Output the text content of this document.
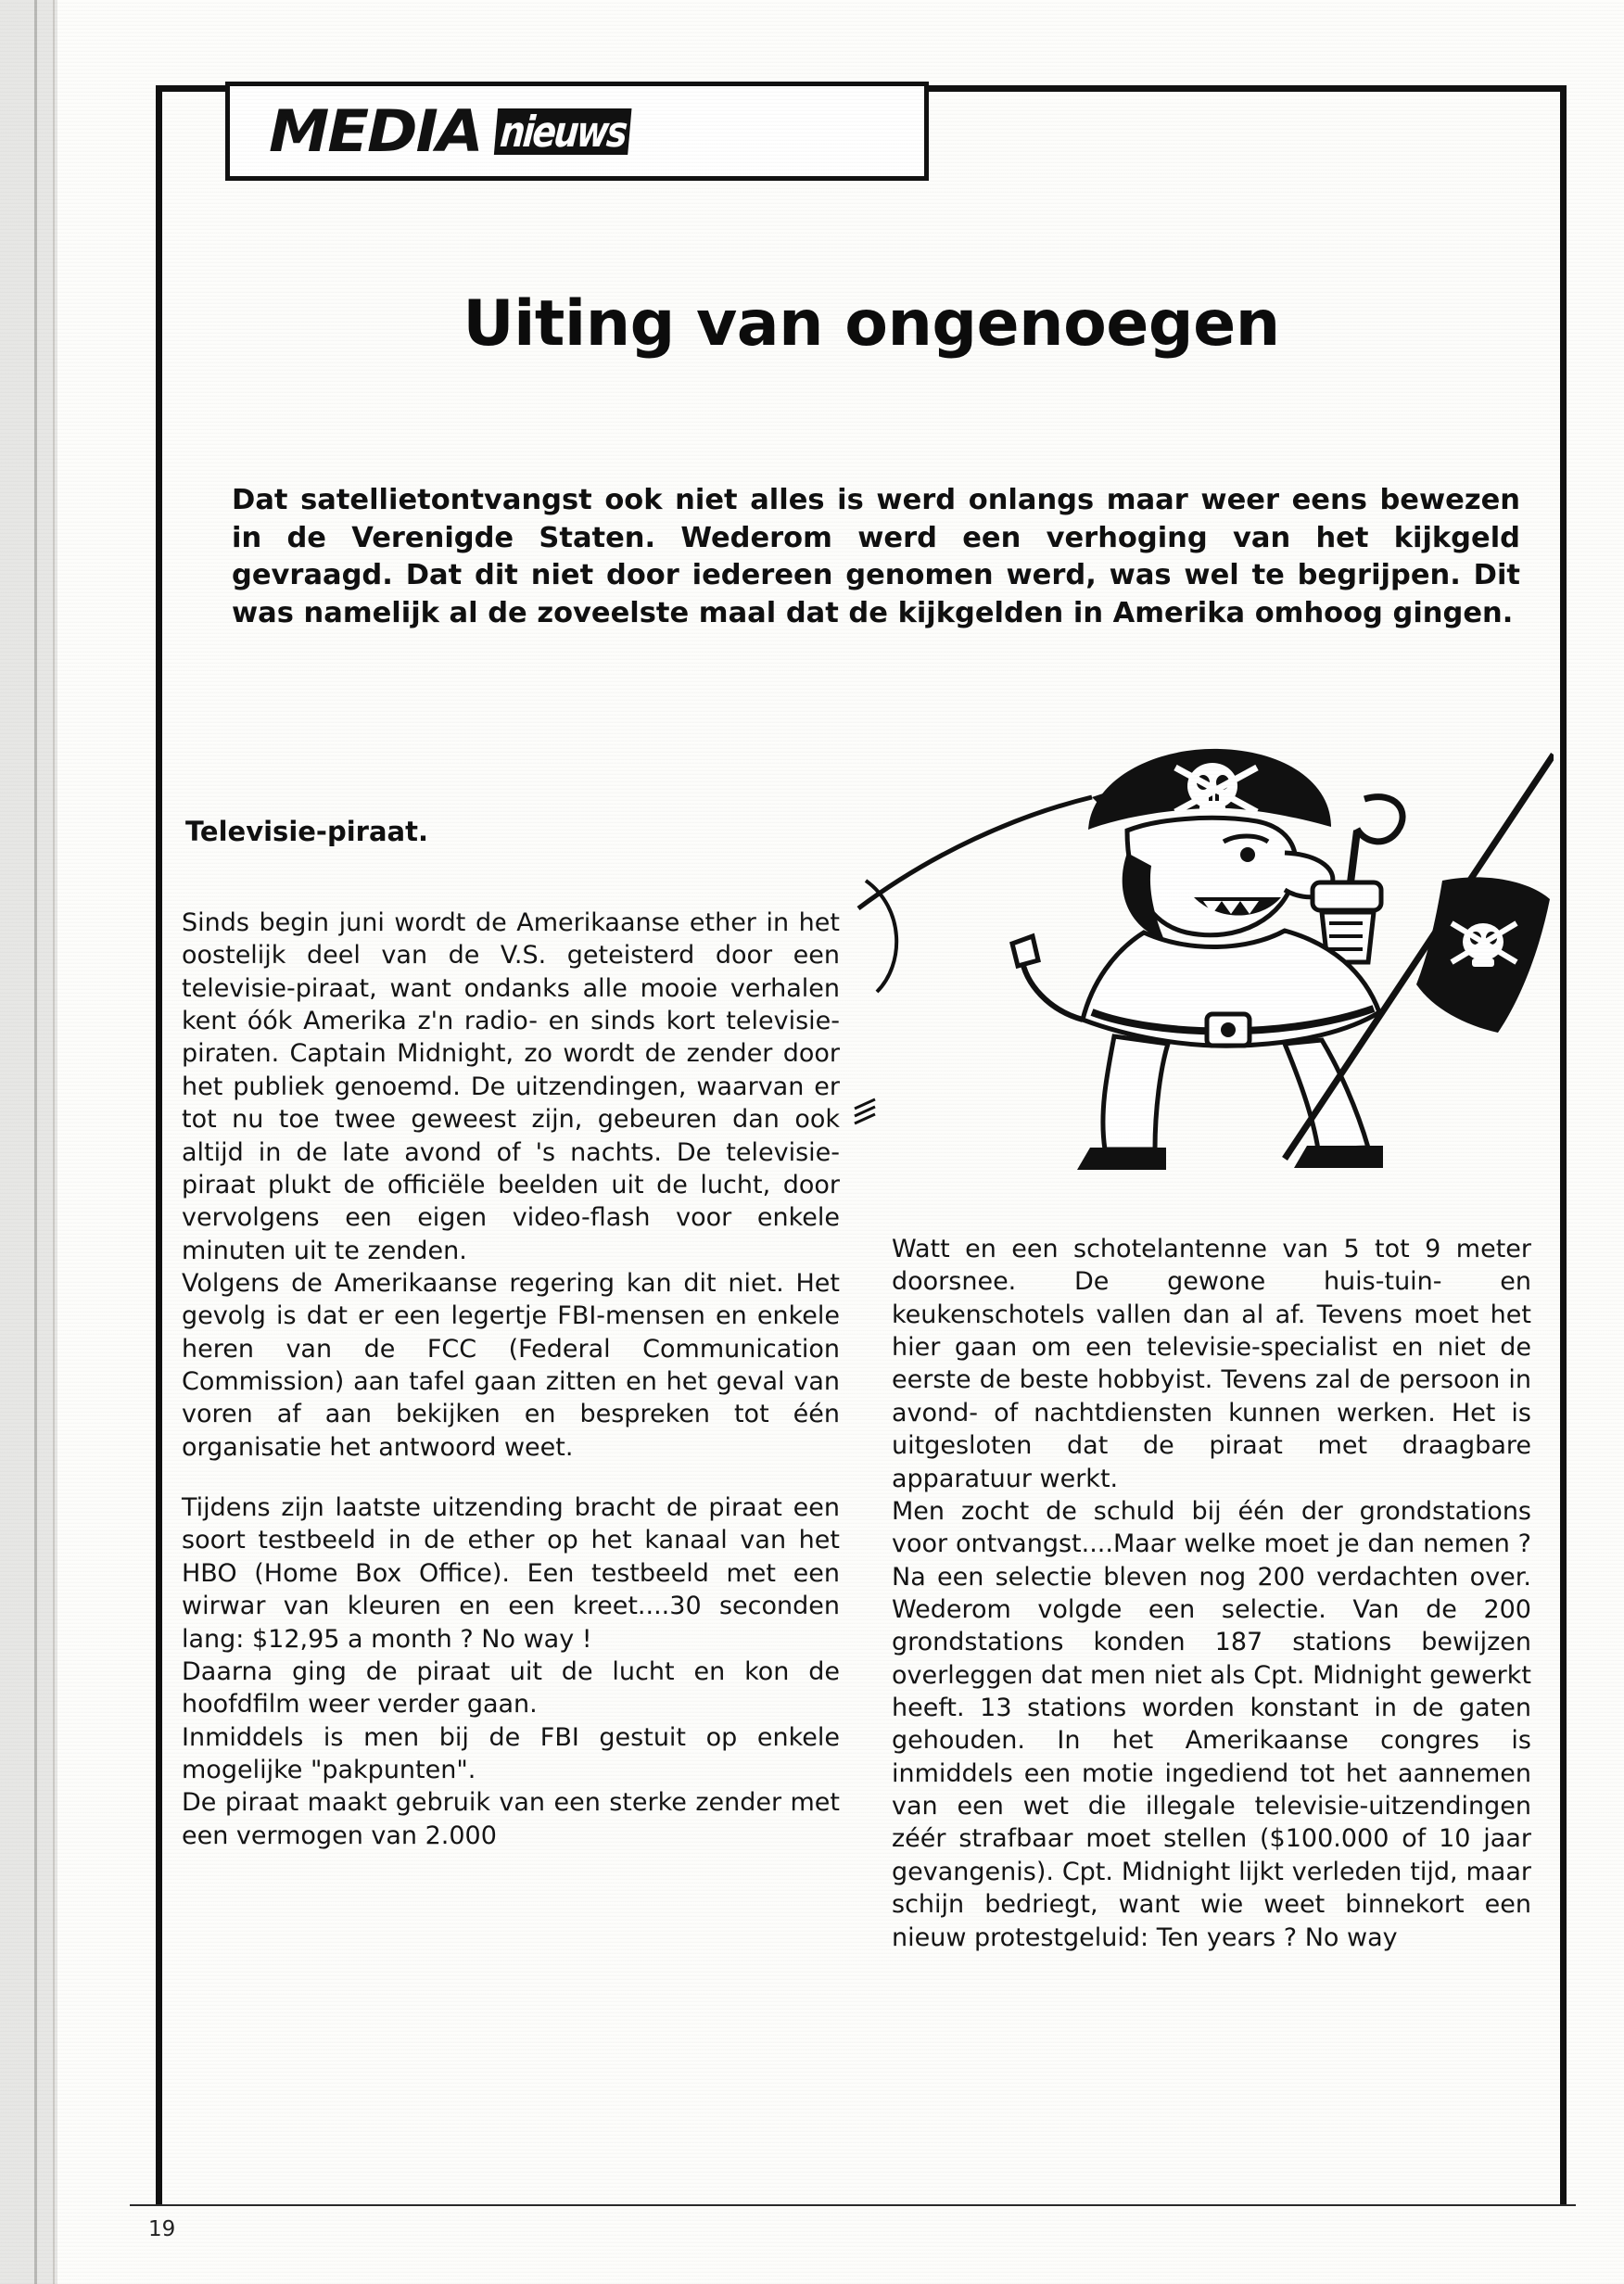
MEDIA nieuws
Uiting van ongenoegen
Dat satellietontvangst ook niet alles is werd onlangs maar weer eens bewezen in de Verenigde Staten. Wederom werd een verhoging van het kijkgeld gevraagd. Dat dit niet door iedereen genomen werd, was wel te begrijpen. Dit was namelijk al de zoveelste maal dat de kijkgelden in Amerika omhoog gingen.
Televisie-piraat.

Sinds begin juni wordt de Amerikaanse ether in het oostelijk deel van de V.S. geteisterd door een televisie-piraat, want ondanks alle mooie verhalen kent óók Amerika z'n radio- en sinds kort televisie-piraten. Captain Midnight, zo wordt de zender door het publiek genoemd. De uitzendingen, waarvan er tot nu toe twee geweest zijn, gebeuren dan ook altijd in de late avond of 's nachts. De televisie-piraat plukt de officiële beelden uit de lucht, door vervolgens een eigen video-flash voor enkele minuten uit te zenden.

Volgens de Amerikaanse regering kan dit niet. Het gevolg is dat er een legertje FBI-mensen en enkele heren van de FCC (Federal Communication Commission) aan tafel gaan zitten en het geval van voren af aan bekijken en bespreken tot één organisatie het antwoord weet.

Tijdens zijn laatste uitzending bracht de piraat een soort testbeeld in de ether op het kanaal van het HBO (Home Box Office). Een testbeeld met een wirwar van kleuren en een kreet....30 seconden lang: $12,95 a month ? No way !

Daarna ging de piraat uit de lucht en kon de hoofdfilm weer verder gaan.

Inmiddels is men bij de FBI gestuit op enkele mogelijke "pakpunten".

De piraat maakt gebruik van een sterke zender met een vermogen van 2.000

Watt en een schotelantenne van 5 tot 9 meter doorsnee. De gewone huis-tuin- en keukenschotels vallen dan al af. Tevens moet het hier gaan om een televisie-specialist en niet de eerste de beste hobbyist. Tevens zal de persoon in avond- of nachtdiensten kunnen werken. Het is uitgesloten dat de piraat met draagbare apparatuur werkt.

Men zocht de schuld bij één der grondstations voor ontvangst....Maar welke moet je dan nemen ? Na een selectie bleven nog 200 verdachten over. Wederom volgde een selectie. Van de 200 grondstations konden 187 stations bewijzen overleggen dat men niet als Cpt. Midnight gewerkt heeft. 13 stations worden konstant in de gaten gehouden. In het Amerikaanse congres is inmiddels een motie ingediend tot het aannemen van een wet die illegale televisie-uitzendingen zéér strafbaar moet stellen ($100.000 of 10 jaar gevangenis). Cpt. Midnight lijkt verleden tijd, maar schijn bedriegt, want wie weet binnekort een nieuw protestgeluid: Ten years ? No way

19
